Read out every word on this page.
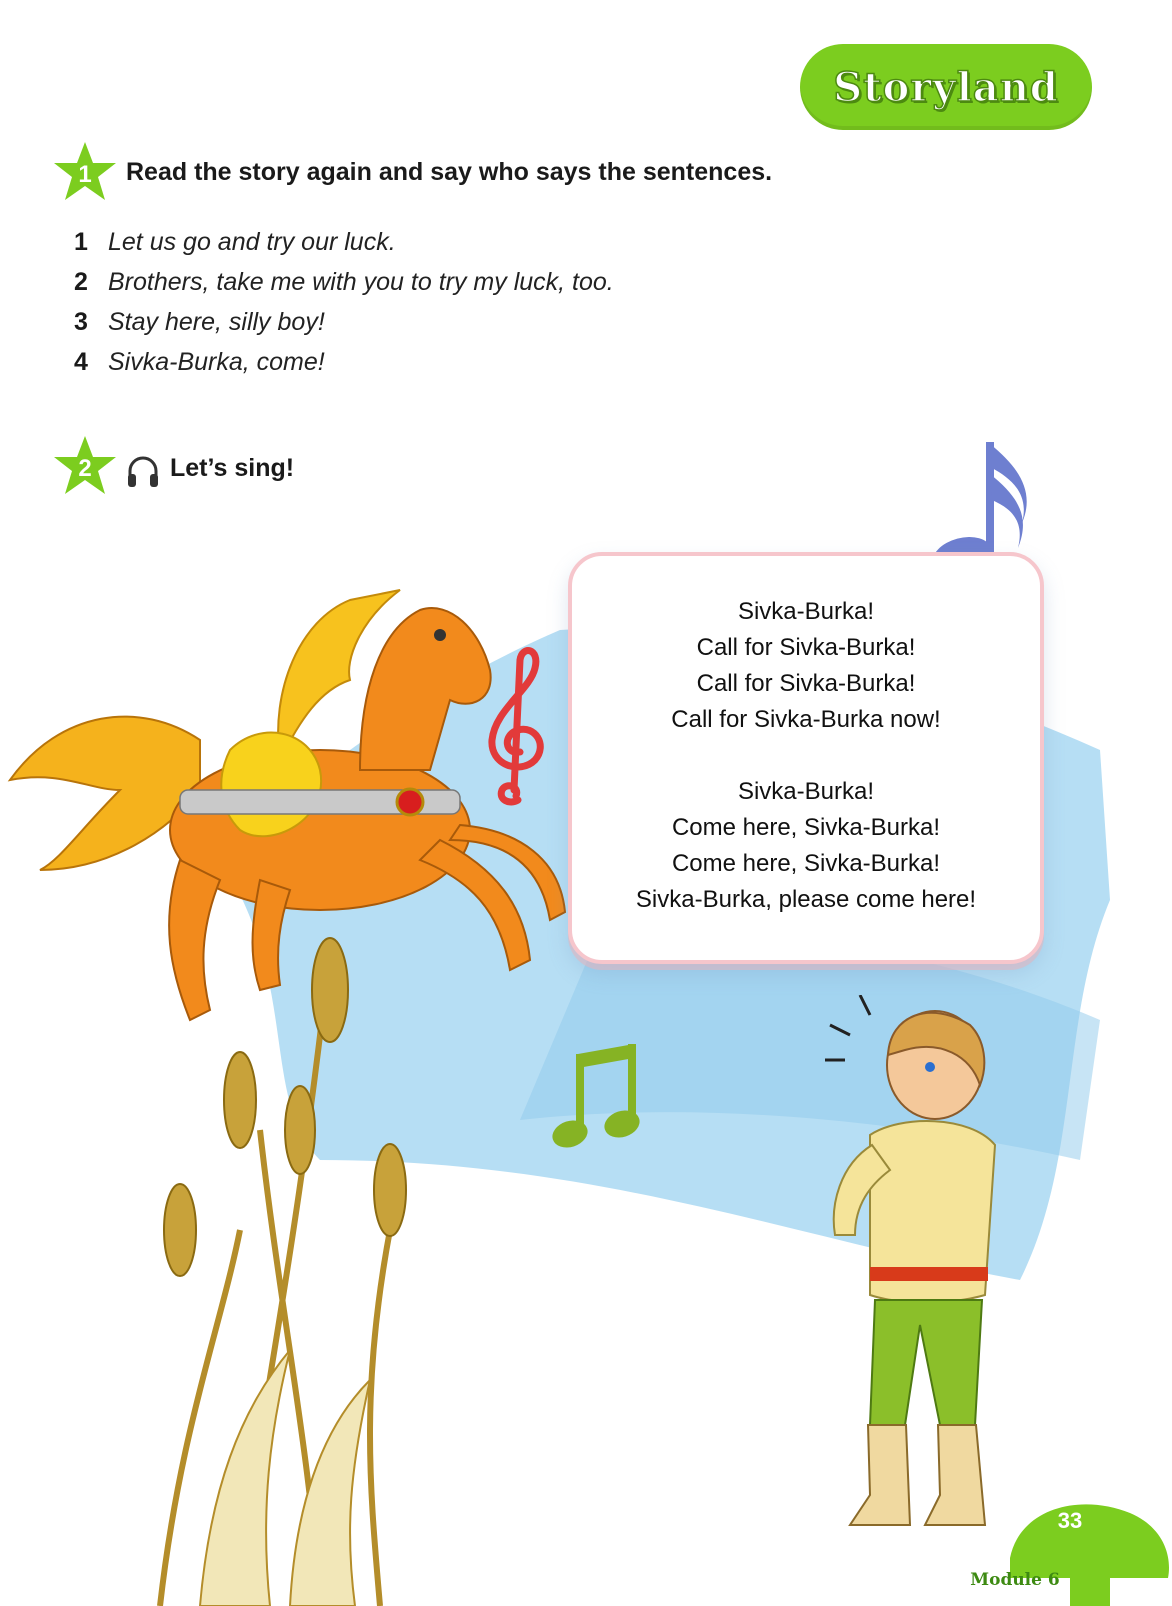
Storyland
1	Read the story again and say who says the sentences.
1 Let us go and try our luck.
2 Brothers, take me with you to try my luck, too.
3 Stay here, silly boy!
4 Sivka-Burka, come!
2	Let’s sing!
Sivka-Burka!
Call for Sivka-Burka!
Call for Sivka-Burka!
Call for Sivka-Burka now!
Sivka-Burka!
Come here, Sivka-Burka!
Come here, Sivka-Burka!
Sivka-Burka, please come here!
33
Module 6
